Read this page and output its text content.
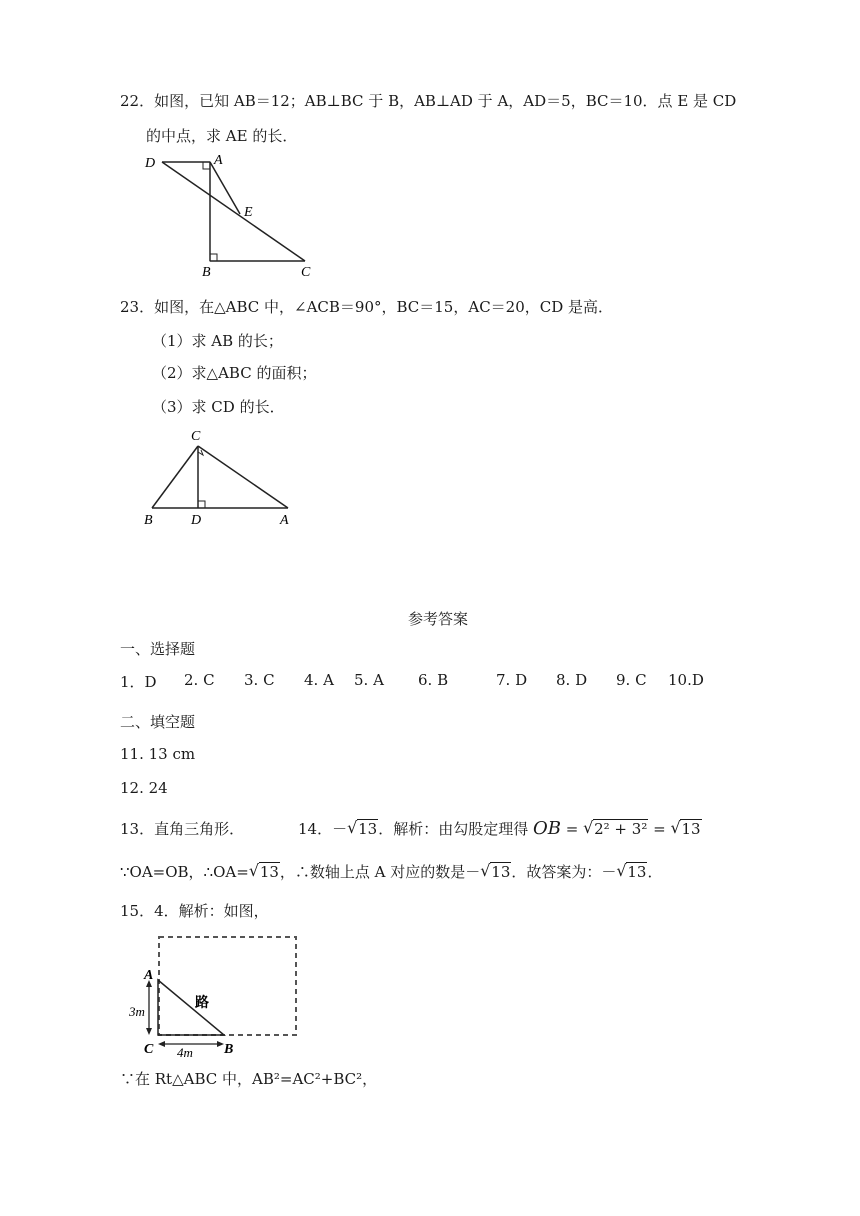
22．如图，已知 AB＝12；AB⊥BC 于 B，AB⊥AD 于 A，AD＝5，BC＝10．点 E 是 CD
的中点，求 AE 的长．
D	A
E
B	C
23．如图，在△ABC 中，∠ACB＝90°，BC＝15，AC＝20，CD 是高．
（1）求 AB 的长；
（2）求△ABC 的面积；
（3）求 CD 的长．
C
B	D	A
参考答案
一、选择题
1．D 2. C 3. C 4. A 5. A 6. B	7. D 8. D 9. C 10.D
二、填空题
11. 13 cm
12. 24
13．直角三角形．	14．－ √ 13．解析：由勾股定理得 OB = √ 2² + 3² = √ 13
∵OA=OB，∴OA= √ 13，∴数轴上点 A 对应的数是－ √ 13．故答案为：－ √ 13．
15．4．解析：如图，
A
C	B
路
3m
4m
∵在 Rt△ABC 中，AB²=AC²+BC²，
